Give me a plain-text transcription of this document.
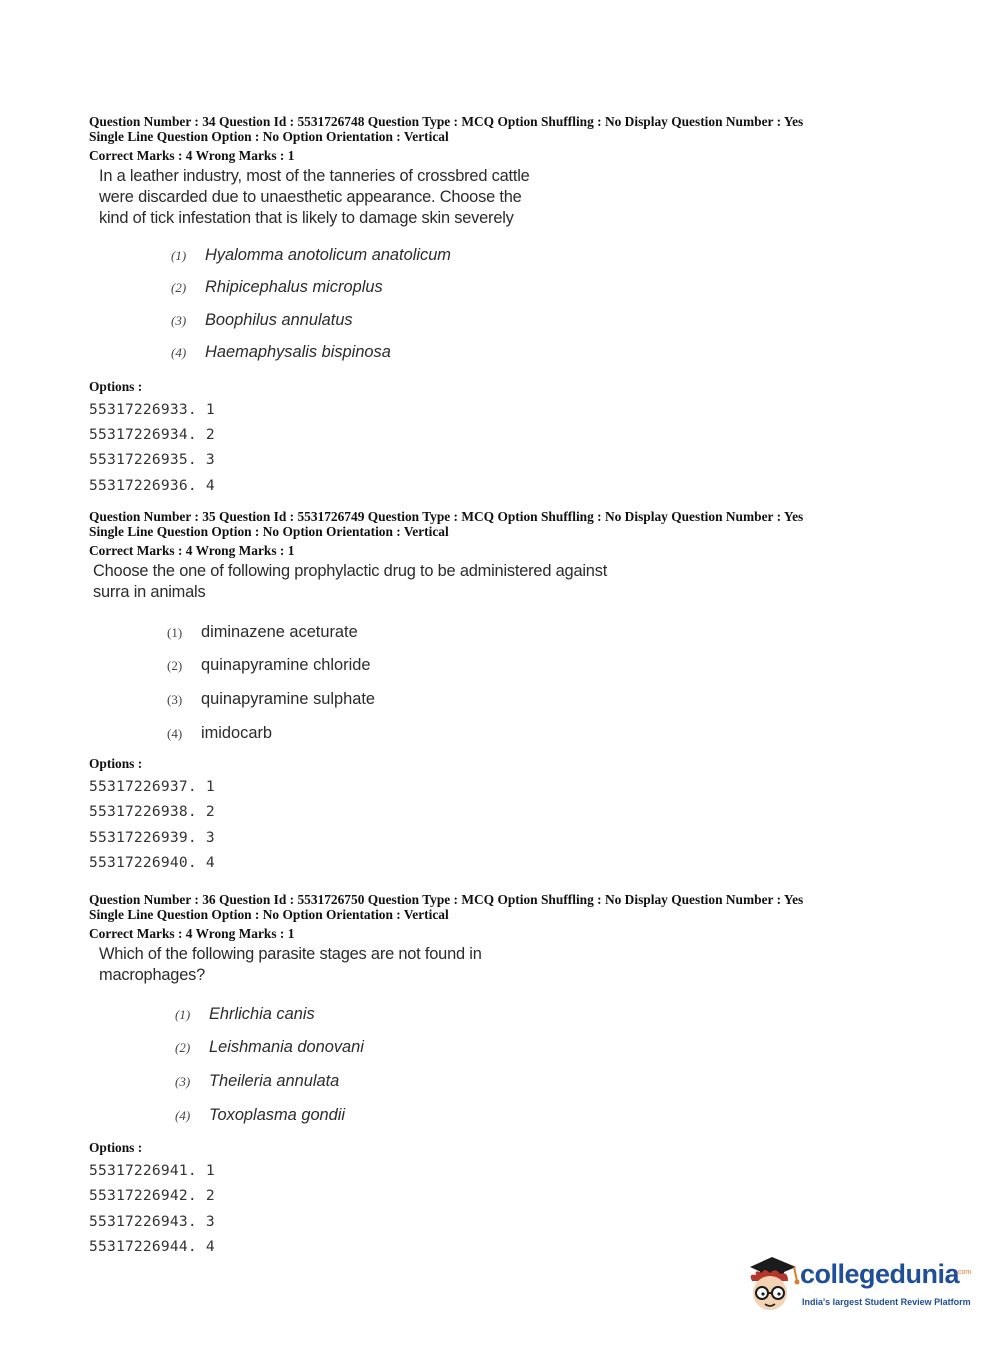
Question Number : 34 Question Id : 5531726748 Question Type : MCQ Option Shuffling : No Display Question Number : Yes

Single Line Question Option : No Option Orientation : Vertical

Correct Marks : 4 Wrong Marks : 1

In a leather industry, most of the tanneries of crossbred cattle were discarded due to unaesthetic appearance. Choose the kind of tick infestation that is likely to damage skin severely
(1) Hyalomma anotolicum anatolicum
(2) Rhipicephalus microplus
(3) Boophilus annulatus
(4) Haemaphysalis bispinosa
Options :
55317226933. 1
55317226934. 2
55317226935. 3
55317226936. 4

Question Number : 35 Question Id : 5531726749 Question Type : MCQ Option Shuffling : No Display Question Number : Yes

Single Line Question Option : No Option Orientation : Vertical

Correct Marks : 4 Wrong Marks : 1

Choose the one of following prophylactic drug to be administered against surra in animals
(1) diminazene aceturate
(2) quinapyramine chloride
(3) quinapyramine sulphate
(4) imidocarb
Options :
55317226937. 1
55317226938. 2
55317226939. 3
55317226940. 4

Question Number : 36 Question Id : 5531726750 Question Type : MCQ Option Shuffling : No Display Question Number : Yes

Single Line Question Option : No Option Orientation : Vertical

Correct Marks : 4 Wrong Marks : 1

Which of the following parasite stages are not found in macrophages?
(1) Ehrlichia canis
(2) Leishmania donovani
(3) Theileria annulata
(4) Toxoplasma gondii
Options :
55317226941. 1
55317226942. 2
55317226943. 3
55317226944. 4
collegedunia
.com
India's largest Student Review Platform
